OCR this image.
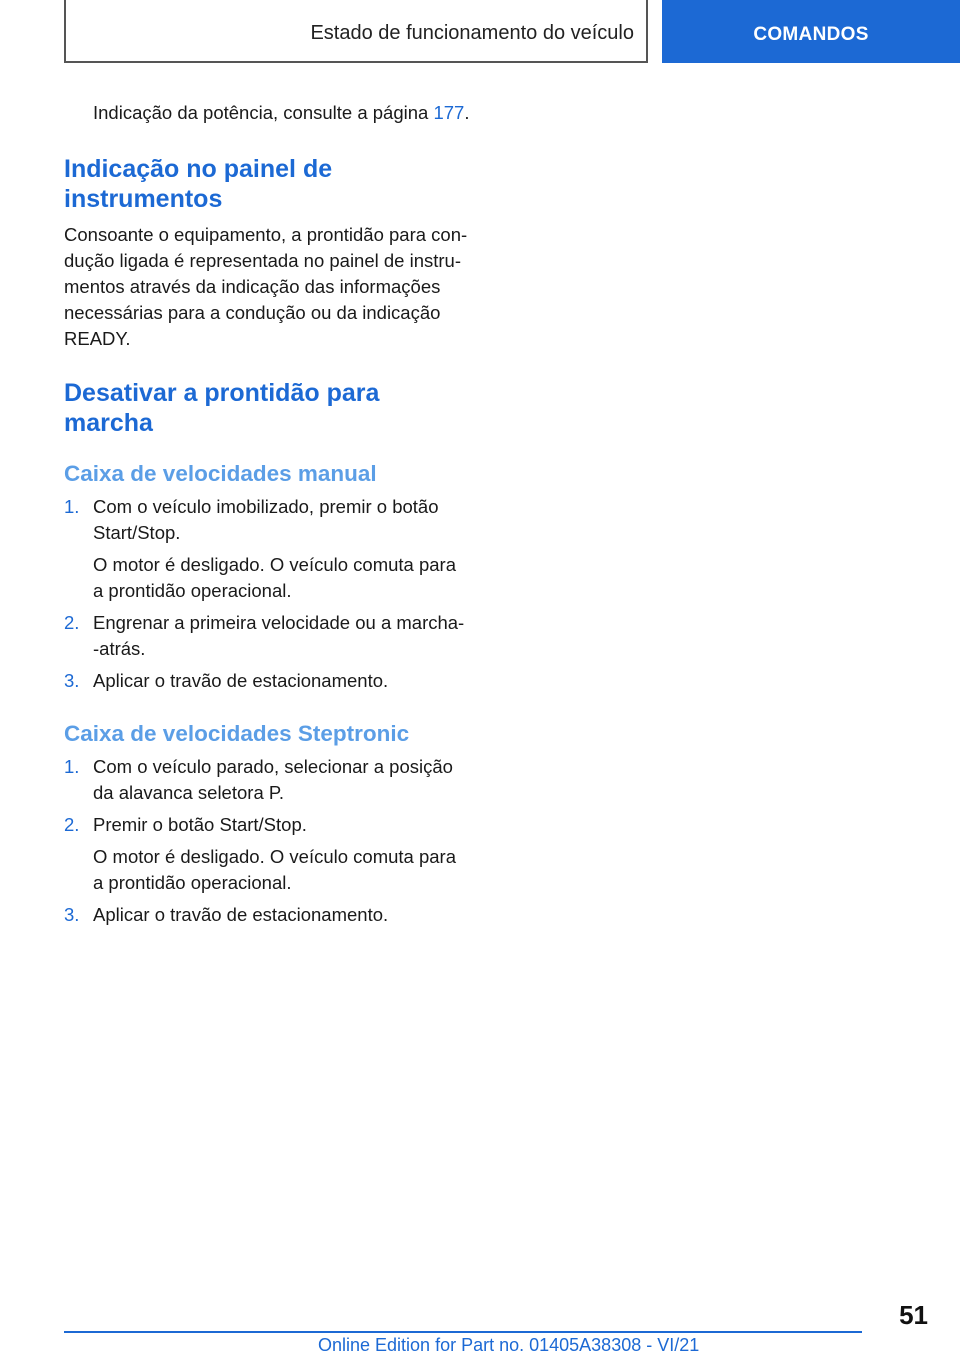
Estado de funcionamento do veículo	COMANDOS

Indicação da potência, consulte a página 177.

Indicação no painel de
instrumentos
Consoante o equipamento, a prontidão para con‐
dução ligada é representada no painel de instru‐
mentos através da indicação das informações
necessárias para a condução ou da indicação
READY.
Desativar a prontidão para
marcha
Caixa de velocidades manual
1. Com o veículo imobilizado, premir o botão
Start/Stop.
O motor é desligado. O veículo comuta para
a prontidão operacional.
2. Engrenar a primeira velocidade ou a marcha‐
-atrás.
3. Aplicar o travão de estacionamento.
Caixa de velocidades Steptronic
1. Com o veículo parado, selecionar a posição
da alavanca seletora P.
2. Premir o botão Start/Stop.
O motor é desligado. O veículo comuta para
a prontidão operacional.
3. Aplicar o travão de estacionamento.
51
Online Edition for Part no. 01405A38308 - VI/21
